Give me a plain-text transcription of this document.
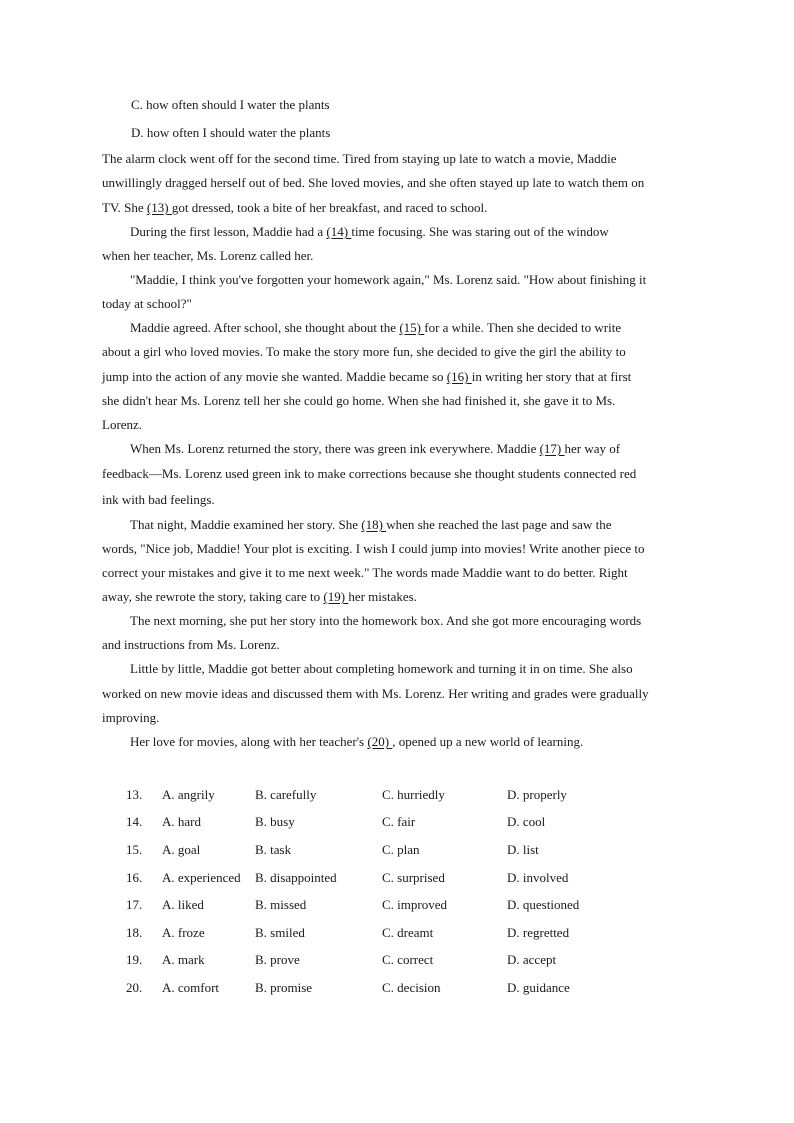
C. how often should I water the plants
D. how often I should water the plants
The alarm clock went off for the second time. Tired from staying up late to watch a movie, Maddie
unwillingly dragged herself out of bed. She loved movies, and she often stayed up late to watch them on
TV. She (13) got dressed, took a bite of her breakfast, and raced to school.
During the first lesson, Maddie had a (14) time focusing. She was staring out of the window
when her teacher, Ms. Lorenz called her.
"Maddie, I think you've forgotten your homework again," Ms. Lorenz said. "How about finishing it
today at school?"
Maddie agreed. After school, she thought about the (15) for a while. Then she decided to write
about a girl who loved movies. To make the story more fun, she decided to give the girl the ability to
jump into the action of any movie she wanted. Maddie became so (16) in writing her story that at first
she didn't hear Ms. Lorenz tell her she could go home. When she had finished it, she gave it to Ms.
Lorenz.
When Ms. Lorenz returned the story, there was green ink everywhere. Maddie (17) her way of
feedback—Ms. Lorenz used green ink to make corrections because she thought students connected red
ink with bad feelings.
That night, Maddie examined her story. She (18) when she reached the last page and saw the
words, "Nice job, Maddie! Your plot is exciting. I wish I could jump into movies! Write another piece to
correct your mistakes and give it to me next week." The words made Maddie want to do better. Right
away, she rewrote the story, taking care to (19) her mistakes.
The next morning, she put her story into the homework box. And she got more encouraging words
and instructions from Ms. Lorenz.
Little by little, Maddie got better about completing homework and turning it in on time. She also
worked on new movie ideas and discussed them with Ms. Lorenz. Her writing and grades were gradually
improving.
Her love for movies, along with her teacher's (20) , opened up a new world of learning.
13. A. angrily	B. carefully	C. hurriedly	D. properly
14. A. hard	B. busy	C. fair	D. cool
15. A. goal	B. task	C. plan	D. list
16. A. experienced B. disappointed	C. surprised	D. involved
17. A. liked	B. missed	C. improved	D. questioned
18. A. froze	B. smiled	C. dreamt	D. regretted
19. A. mark	B. prove	C. correct	D. accept
20. A. comfort	B. promise	C. decision	D. guidance
